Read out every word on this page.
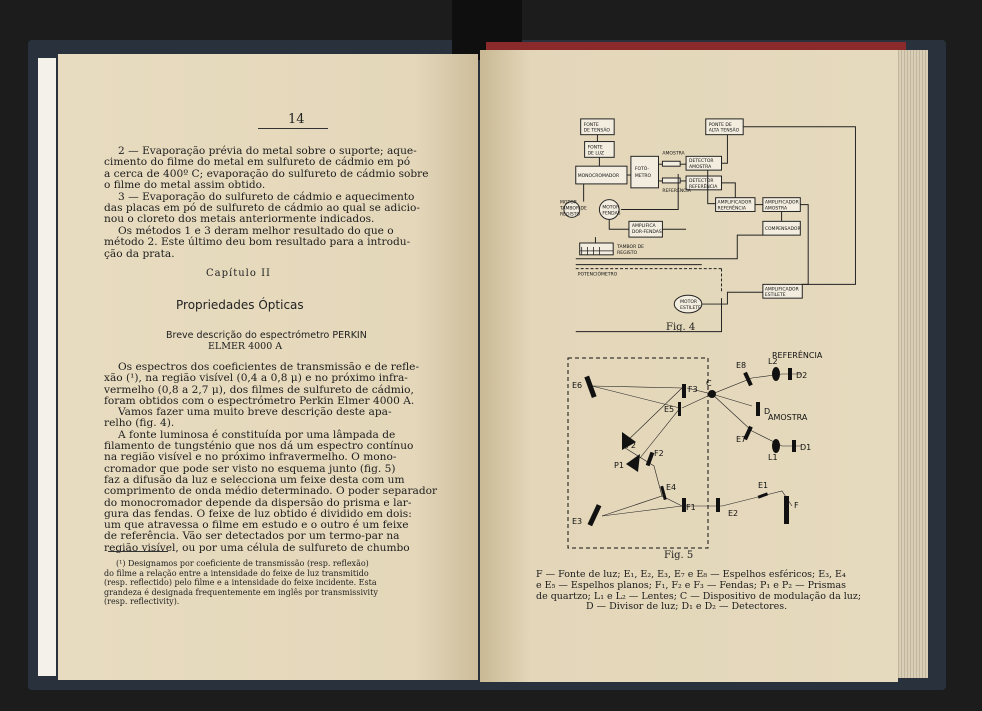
14
2 — Evaporação prévia do metal sobre o suporte; aque-
cimento do filme do metal em sulfureto de cádmio em pó
a cerca de 400º C; evaporação do sulfureto de cádmio sobre
o filme do metal assim obtido.
3 — Evaporação do sulfureto de cádmio e aquecimento
das placas em pó de sulfureto de cádmio ao qual se adicio-
nou o cloreto dos metais anteriormente indicados.
Os métodos 1 e 3 deram melhor resultado do que o
método 2. Este último deu bom resultado para a introdu-
ção da prata.
Capítulo II
Propriedades Ópticas
Breve descrição do espectrómetro PERKIN
ELMER 4000 A
Os espectros dos coeficientes de transmissão e de refle-
xão (¹), na região visível (0,4 a 0,8 μ) e no próximo infra-
vermelho (0,8 a 2,7 μ), dos filmes de sulfureto de cádmio,
foram obtidos com o espectrómetro Perkin Elmer 4000 A.
Vamos fazer uma muito breve descrição deste apa-
relho (fig. 4).
A fonte luminosa é constituída por uma lâmpada de
filamento de tungsténio que nos dá um espectro contínuo
na região visível e no próximo infravermelho. O mono-
cromador que pode ser visto no esquema junto (fig. 5)
faz a difusão da luz e selecciona um feixe desta com um
comprimento de onda médio determinado. O poder separador
do monocromador depende da dispersão do prisma e lar-
gura das fendas. O feixe de luz obtido é dividido em dois:
um que atravessa o filme em estudo e o outro é um feixe
de referência. Vão ser detectados por um termo-par na
região visível, ou por uma célula de sulfureto de chumbo
(¹) Designamos por coeficiente de transmissão (resp. reflexão)
do filme a relação entre a intensidade do feixe de luz transmitido
(resp. reflectido) pelo filme e a intensidade do feixe incidente. Esta
grandeza é designada frequentemente em inglês por transmissivity
(resp. reflectivity).
FONTE
DE TENSÃO
FONTE
DE LUZ
PONTE DE
ALTA TENSÃO
AMOSTRA
REFERÊNCIA
MONOCROMADOR
FOTÓ-
METRO
DETECTOR
AMOSTRA
DETECTOR
REFERÊNCIA
AMPLIFICADOR
REFERÊNCIA
AMPLIFICADOR
AMOSTRA
COMPENSADOR
MOTOR
TAMBOR DE
REGISTO
MOTOR
FENDAS
AMPLIFICA
DOR-FENDAS
TAMBOR DE
REGISTO
POTENCIÓMETRO
AMPLIFICADOR
ESTILETE
MOTOR
ESTILETE
Fig. 4
REFERÊNCIA
AMOSTRA
E6	F3
E5
F2
P2
P1
E4
F1
E3
F
E8
E7
D
L2
L1
D2
D1
E1
E2
C
Fig. 5
F — Fonte de luz; E₁, E₂, E₃, E₇ e E₈ — Espelhos esféricos; E₃, E₄
e E₅ — Espelhos planos; F₁, F₂ e F₃ — Fendas; P₁ e P₂ — Prismas
de quartzo; L₁ e L₂ — Lentes; C — Dispositivo de modulação da luz;
D — Divisor de luz; D₁ e D₂ — Detectores.
